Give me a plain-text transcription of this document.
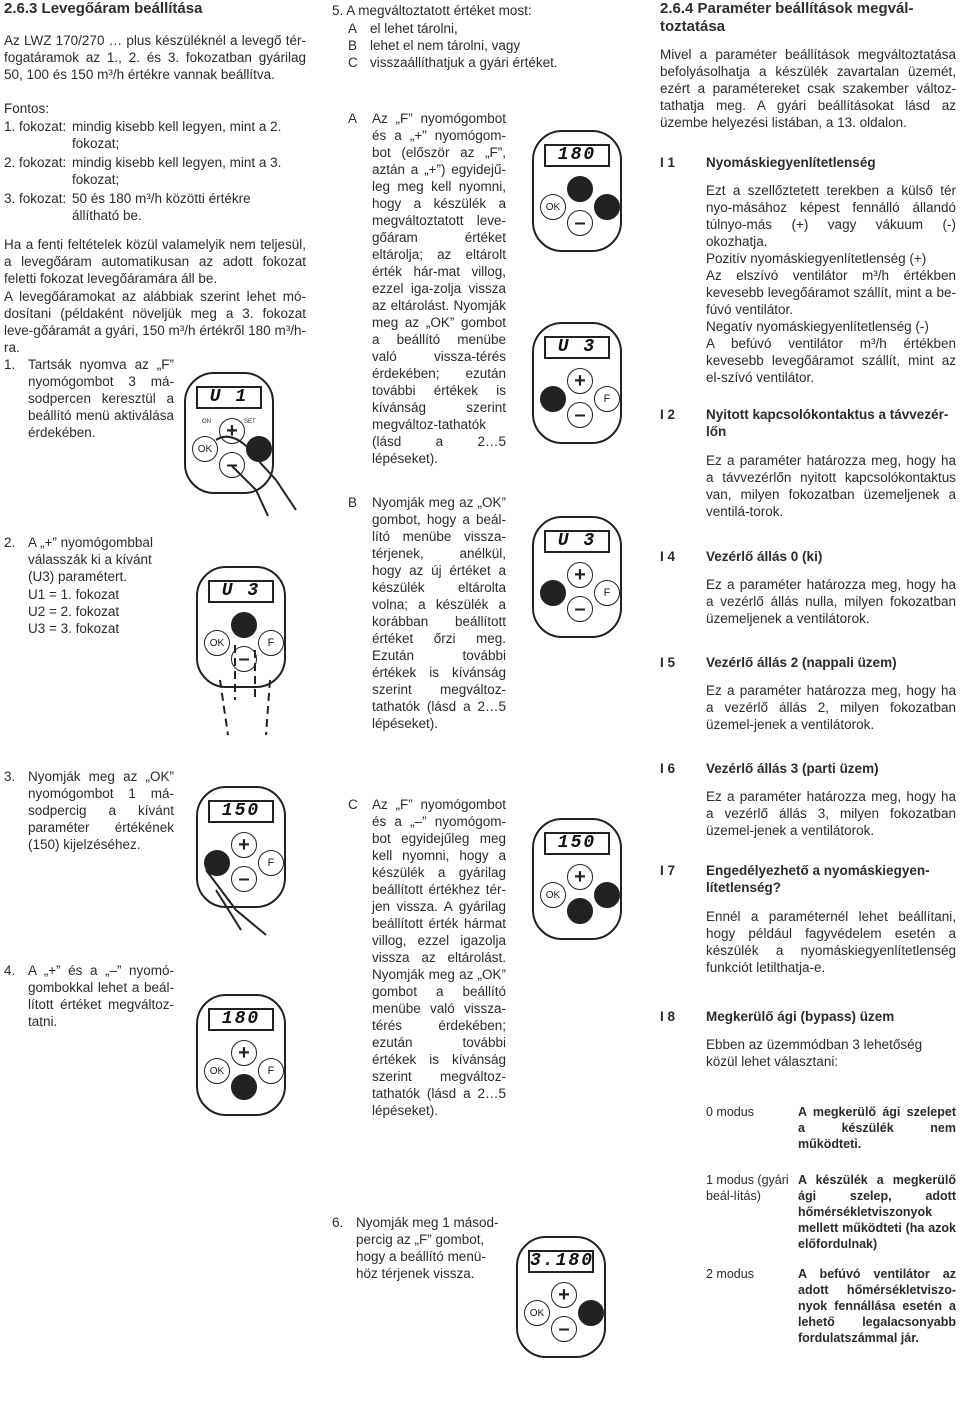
2.6.3 Levegőáram beállítása

Az LWZ 170/270 … plus készüléknél a levegő tér-fogatáramok az 1., 2. és 3. fokozatban gyárilag 50, 100 és 150 m³/h értékre vannak beállítva.

Fontos:

1. fokozat: mindig kisebb kell legyen, mint a 2. fokozat;
2. fokozat: mindig kisebb kell legyen, mint a 3. fokozat;
3. fokozat: 50 és 180 m³/h közötti értékre állítható be.

Ha a fenti feltételek közül valamelyik nem teljesül, a levegőáram automatikusan az adott fokozat feletti fokozat levegőáramára áll be.

A levegőáramokat az alábbiak szerint lehet mó-dosítani (példaként növeljük meg a 3. fokozat leve-gőáramát a gyári, 150 m³/h értékről 180 m³/h-ra.

1. Tartsák nyomva az „F” nyomógombot 3 má-sodpercen keresztül a beállító menü aktiválása érdekében.

U 1
+
–
OK
ON	SET
2. A „+” nyomógombbal válasszák ki a kívánt (U3) paramétert.

U1 = 1. fokozat
U2 = 2. fokozat
U3 = 3. fokozat
U 3
–
OK	F
3. Nyomják meg az „OK” nyomógombot 1 má-sodpercig a kívánt paraméter értékének (150) kijelzéséhez.

150
+
–
F
4. A „+” és a „–” nyomó-gombokkal lehet a beál-lított értéket megváltoz-tatni.	180
+
OK	F

5. A megváltoztatott értéket most:

A el lehet tárolni,
B lehet el nem tárolni, vagy
C visszaállíthatjuk a gyári értéket.
A Az „F” nyomógombot és a „+” nyomógom-bot (először az „F”, aztán a „+”) egyidejű-leg meg kell nyomni, hogy a készülék a megváltoztatott leve-gőáram értéket eltárolja; az eltárolt érték hár-mat villog, ezzel iga-zolja vissza az eltárolást. Nyomják meg az „OK” gombot a beállító menübe való vissza-térés érdekében; ezután további értékek is kívánság szerint megváltoz-tathatók (lásd a 2…5 lépéseket).

180
–
OK
U 3
+
–
F
B Nyomják meg az „OK” gombot, hogy a beál-lító menübe vissza-térjenek, anélkül, hogy az új értéket a készülék eltárolta volna; a készülék a korábban beállított értéket őrzi meg. Ezután további értékek is kívánság szerint megváltoz-tathatók (lásd a 2…5 lépéseket).

U 3
+
–
F
C Az „F” nyomógombot és a „–” nyomógom-bot egyidejűleg meg kell nyomni, hogy a készülék a gyárilag beállított értékhez tér-jen vissza. A gyárilag beállított érték hármat villog, ezzel igazolja vissza az eltárolást. Nyomják meg az „OK” gombot a beállító menübe való vissza-térés érdekében; ezután további értékek is kívánság szerint megváltoz-tathatók (lásd a 2…5 lépéseket).

150
+
OK
6. Nyomják meg 1 másod-percig az „F” gombot, hogy a beállító menü-höz térjenek vissza.

3.180
+
–
OK
2.6.4 Paraméter beállítások megvál-toztatása

Mivel a paraméter beállítások megváltoztatása befolyásolhatja a készülék zavartalan üzemét, ezért a paramétereket csak szakember változ-tathatja meg. A gyári beállításokat lásd az üzembe helyezési listában, a 13. oldalon.

I 1 Nyomáskiegyenlítetlenség

Ezt a szellőztetett terekben a külső tér nyo-másához képest fennálló állandó túlnyo-más (+) vagy vákuum (-) okozhatja.

Pozitív nyomáskiegyenlítetlenség (+)

Az elszívó ventilátor m³/h értékben kevesebb levegőáramot szállít, mint a be-fúvó ventilátor.

Negatív nyomáskiegyenlítetlenség (-)

A befúvó ventilátor m³/h értékben kevesebb levegőáramot szállít, mint az el-szívó ventilátor.

I 2 Nyitott kapcsolókontaktus a távvezér-lőn

Ez a paraméter határozza meg, hogy ha a távvezérlőn nyitott kapcsolókontaktus van, milyen fokozatban üzemeljenek a ventilá-torok.

I 4 Vezérlő állás 0 (ki)

Ez a paraméter határozza meg, hogy ha a vezérlő állás nulla, milyen fokozatban üzemeljenek a ventilátorok.

I 5 Vezérlő állás 2 (nappali üzem)

Ez a paraméter határozza meg, hogy ha a vezérlő állás 2, milyen fokozatban üzemel-jenek a ventilátorok.

I 6 Vezérlő állás 3 (parti üzem)

Ez a paraméter határozza meg, hogy ha a vezérlő állás 3, milyen fokozatban üzemel-jenek a ventilátorok.

I 7 Engedélyezhető a nyomáskiegyen-lítetlenség?

Ennél a paraméternél lehet beállítani, hogy például fagyvédelem esetén a készülék a nyomáskiegyenlítetlenség funkciót letilthatja-e.

I 8 Megkerülő ági (bypass) üzem

Ebben az üzemmódban 3 lehetőség közül lehet választani:

0 modus	A megkerülő ági szelepet a készülék nem működteti.
1 modus (gyári beál-lítás)	A készülék a megkerülő ági szelep, adott hőmérsékletviszonyok mellett működteti (ha azok előfordulnak)
2 modus	A befúvó ventilátor az adott hőmérsékletviszo-nyok fennállása esetén a lehető legalacsonyabb fordulatszámmal jár.
